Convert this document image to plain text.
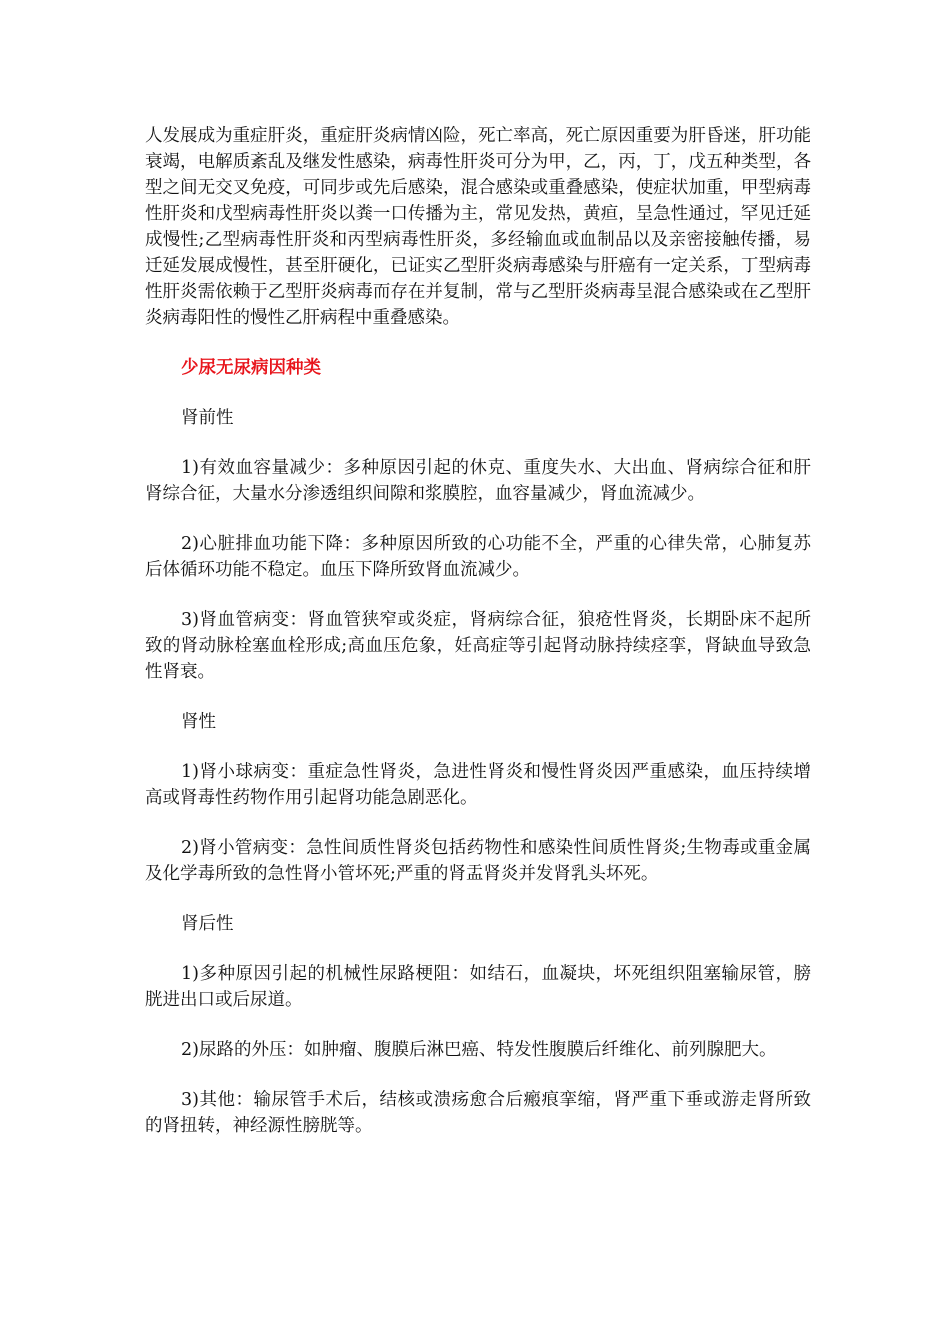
人发展成为重症肝炎，重症肝炎病情凶险，死亡率高，死亡原因重要为肝昏迷，肝功能衰竭，电解质紊乱及继发性感染，病毒性肝炎可分为甲，乙，丙，丁，戊五种类型，各型之间无交叉免疫，可同步或先后感染，混合感染或重叠感染，使症状加重，甲型病毒性肝炎和戊型病毒性肝炎以粪一口传播为主，常见发热，黄疸，呈急性通过，罕见迁延成慢性;乙型病毒性肝炎和丙型病毒性肝炎，多经输血或血制品以及亲密接触传播，易迁延发展成慢性，甚至肝硬化，已证实乙型肝炎病毒感染与肝癌有一定关系，丁型病毒性肝炎需依赖于乙型肝炎病毒而存在并复制，常与乙型肝炎病毒呈混合感染或在乙型肝炎病毒阳性的慢性乙肝病程中重叠感染。

少尿无尿病因种类

肾前性

1)有效血容量减少：多种原因引起的休克、重度失水、大出血、肾病综合征和肝肾综合征，大量水分渗透组织间隙和浆膜腔，血容量减少，肾血流减少。

2)心脏排血功能下降：多种原因所致的心功能不全，严重的心律失常，心肺复苏后体循环功能不稳定。血压下降所致肾血流减少。

3)肾血管病变：肾血管狭窄或炎症，肾病综合征，狼疮性肾炎，长期卧床不起所致的肾动脉栓塞血栓形成;高血压危象，妊高症等引起肾动脉持续痉挛，肾缺血导致急性肾衰。

肾性

1)肾小球病变：重症急性肾炎，急进性肾炎和慢性肾炎因严重感染，血压持续增高或肾毒性药物作用引起肾功能急剧恶化。

2)肾小管病变：急性间质性肾炎包括药物性和感染性间质性肾炎;生物毒或重金属及化学毒所致的急性肾小管坏死;严重的肾盂肾炎并发肾乳头坏死。

肾后性

1)多种原因引起的机械性尿路梗阻：如结石，血凝块，坏死组织阻塞输尿管，膀胱进出口或后尿道。

2)尿路的外压：如肿瘤、腹膜后淋巴癌、特发性腹膜后纤维化、前列腺肥大。

3)其他：输尿管手术后，结核或溃疡愈合后瘢痕挛缩，肾严重下垂或游走肾所致的肾扭转，神经源性膀胱等。
